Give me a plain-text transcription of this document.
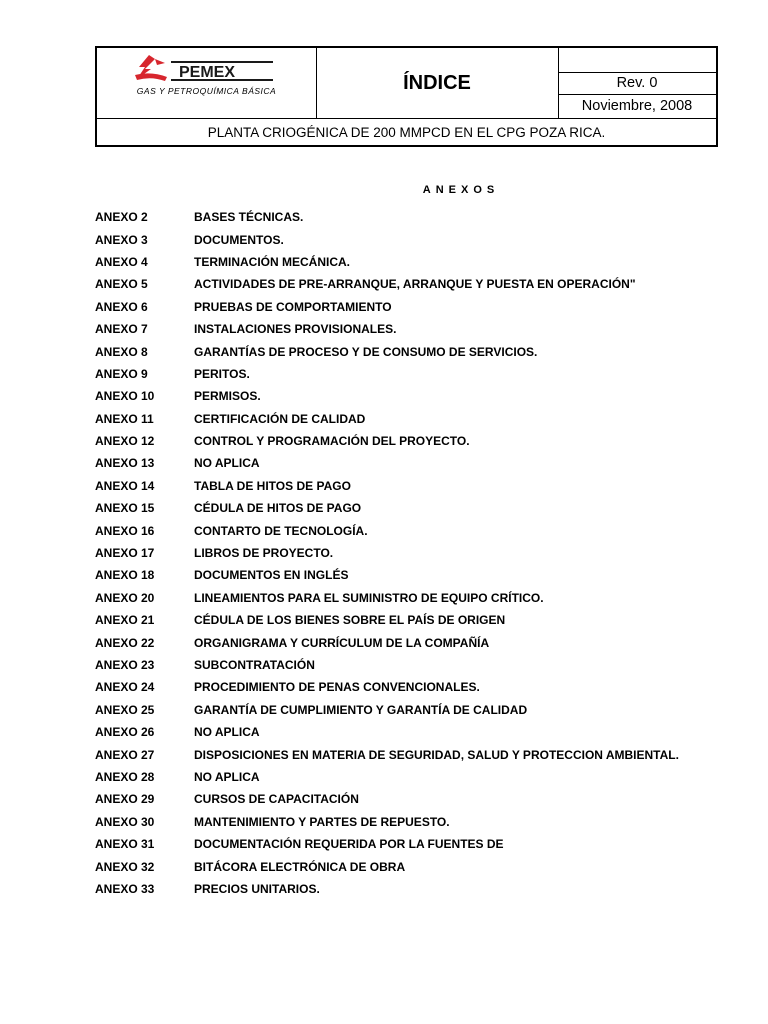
PEMEX
GAS Y PETROQUÍMICA BÁSICA	ÍNDICE	Rev. 0
Noviembre, 2008
PLANTA CRIOGÉNICA DE 200 MMPCD EN EL CPG POZA RICA.
ANEXOS
ANEXO 2	BASES TÉCNICAS.
ANEXO 3	DOCUMENTOS.
ANEXO 4	TERMINACIÓN MECÁNICA.
ANEXO 5	ACTIVIDADES DE PRE-ARRANQUE, ARRANQUE Y PUESTA EN OPERACIÓN"
ANEXO 6	PRUEBAS DE COMPORTAMIENTO
ANEXO 7	INSTALACIONES PROVISIONALES.
ANEXO 8	GARANTÍAS DE PROCESO Y DE CONSUMO DE SERVICIOS.
ANEXO 9	PERITOS.
ANEXO 10	PERMISOS.
ANEXO 11	CERTIFICACIÓN DE CALIDAD
ANEXO 12	CONTROL Y PROGRAMACIÓN DEL PROYECTO.
ANEXO 13	NO APLICA
ANEXO 14	TABLA DE HITOS DE PAGO
ANEXO 15	CÉDULA DE HITOS DE PAGO
ANEXO 16	CONTARTO DE TECNOLOGÍA.
ANEXO 17	LIBROS DE PROYECTO.
ANEXO 18	DOCUMENTOS EN INGLÉS
ANEXO 20	LINEAMIENTOS PARA EL SUMINISTRO DE EQUIPO CRÍTICO.
ANEXO 21	CÉDULA DE LOS BIENES SOBRE EL PAÍS DE ORIGEN
ANEXO 22	ORGANIGRAMA Y CURRÍCULUM DE LA COMPAÑÍA
ANEXO 23	SUBCONTRATACIÓN
ANEXO 24	PROCEDIMIENTO DE PENAS CONVENCIONALES.
ANEXO 25	GARANTÍA DE CUMPLIMIENTO Y GARANTÍA DE CALIDAD
ANEXO 26	NO APLICA
ANEXO 27	DISPOSICIONES EN MATERIA DE SEGURIDAD, SALUD Y PROTECCION AMBIENTAL.
ANEXO 28	NO APLICA
ANEXO 29	CURSOS DE CAPACITACIÓN
ANEXO 30	MANTENIMIENTO Y PARTES DE REPUESTO.
ANEXO 31	DOCUMENTACIÓN REQUERIDA POR LA FUENTES DE
ANEXO 32	BITÁCORA ELECTRÓNICA DE OBRA
ANEXO 33	PRECIOS UNITARIOS.
